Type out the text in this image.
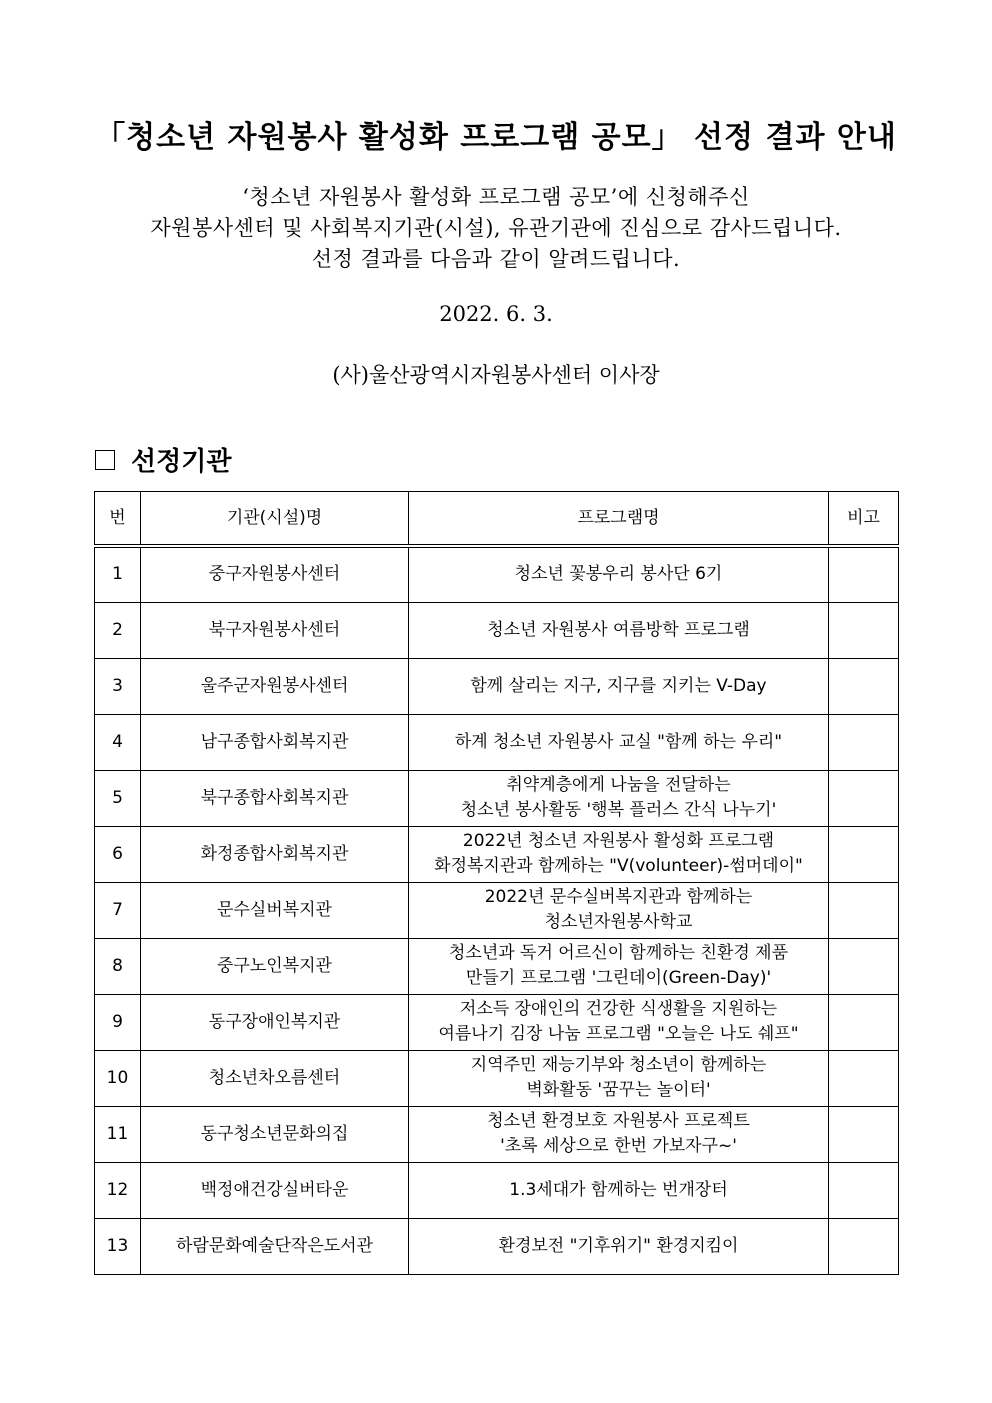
「청소년 자원봉사 활성화 프로그램 공모」 선정 결과 안내
‘청소년 자원봉사 활성화 프로그램 공모’에 신청해주신
자원봉사센터 및 사회복지기관(시설), 유관기관에 진심으로 감사드립니다.
선정 결과를 다음과 같이 알려드립니다.
2022. 6. 3.
(사)울산광역시자원봉사센터 이사장
선정기관
번	기관(시설)명	프로그램명	비고
1	중구자원봉사센터	청소년 꽃봉우리 봉사단 6기	

2	북구자원봉사센터	청소년 자원봉사 여름방학 프로그램	

3	울주군자원봉사센터	함께 살리는 지구, 지구를 지키는 V-Day	

4	남구종합사회복지관	하계 청소년 자원봉사 교실 "함께 하는 우리"	

5	북구종합사회복지관	취약계층에게 나눔을 전달하는
청소년 봉사활동 '행복 플러스 간식 나누기'	

6	화정종합사회복지관	2022년 청소년 자원봉사 활성화 프로그램
화정복지관과 함께하는 "V(volunteer)-썸머데이"	

7	문수실버복지관	2022년 문수실버복지관과 함께하는
청소년자원봉사학교	

8	중구노인복지관	청소년과 독거 어르신이 함께하는 친환경 제품
만들기 프로그램 '그린데이(Green-Day)'	

9	동구장애인복지관	저소득 장애인의 건강한 식생활을 지원하는
여름나기 김장 나눔 프로그램 "오늘은 나도 쉐프"	

10	청소년차오름센터	지역주민 재능기부와 청소년이 함께하는
벽화활동 '꿈꾸는 놀이터'	

11	동구청소년문화의집	청소년 환경보호 자원봉사 프로젝트
'초록 세상으로 한번 가보자구~'	

12	백정애건강실버타운	1.3세대가 함께하는 번개장터	

13	하람문화예술단작은도서관	환경보전 "기후위기" 환경지킴이	
